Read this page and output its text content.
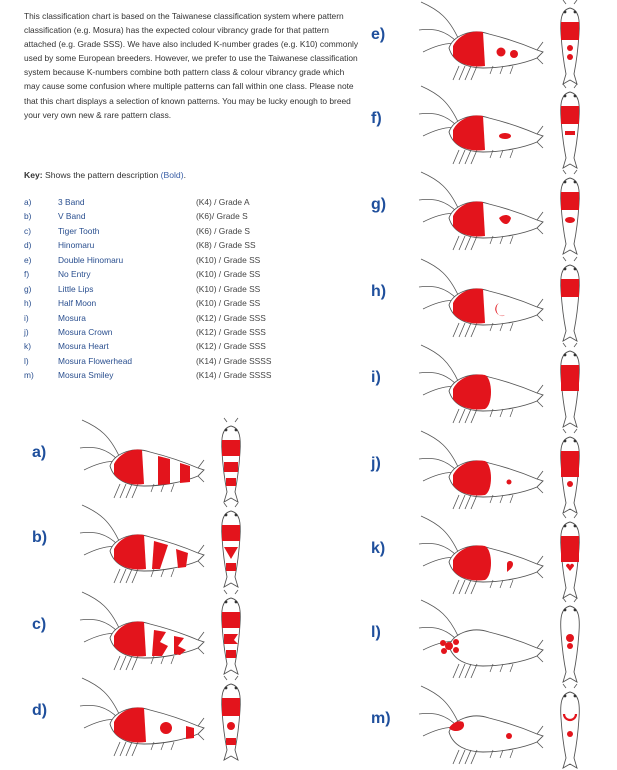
This classification chart is based on the Taiwanese classification system where pattern classification (e.g. Mosura) has the expected colour vibrancy grade for that pattern attached (e.g. Grade SSS). We have also included K-number grades (e.g. K10) commonly used by some European breeders. However, we prefer to use the Taiwanese classification system because K-numbers combine both pattern class & colour vibrancy grade which may cause some confusion where multiple patterns can fall within one class. Please note that this chart displays a selection of known patterns. You may be lucky enough to breed your very own new & rare pattern class.

Key: Shows the pattern description (Bold).

a)	3 Band	(K4) / Grade A
b)	V Band	(K6)/ Grade S
c)	Tiger Tooth	(K6) / Grade S
d)	Hinomaru	(K8) / Grade SS
e)	Double Hinomaru	(K10) / Grade SS
f)	No Entry	(K10) / Grade SS
g)	Little Lips	(K10) / Grade SS
h)	Half Moon	(K10) / Grade SS
i)	Mosura	(K12) / Grade SSS
j)	Mosura Crown	(K12) / Grade SSS
k)	Mosura Heart	(K12) / Grade SSS
l)	Mosura Flowerhead	(K14) / Grade SSSS
m)	Mosura Smiley	(K14) / Grade SSSS
a)
b)
c)
d)
e)
f)
g)
h)
i)
j)
k)
l)
m)
